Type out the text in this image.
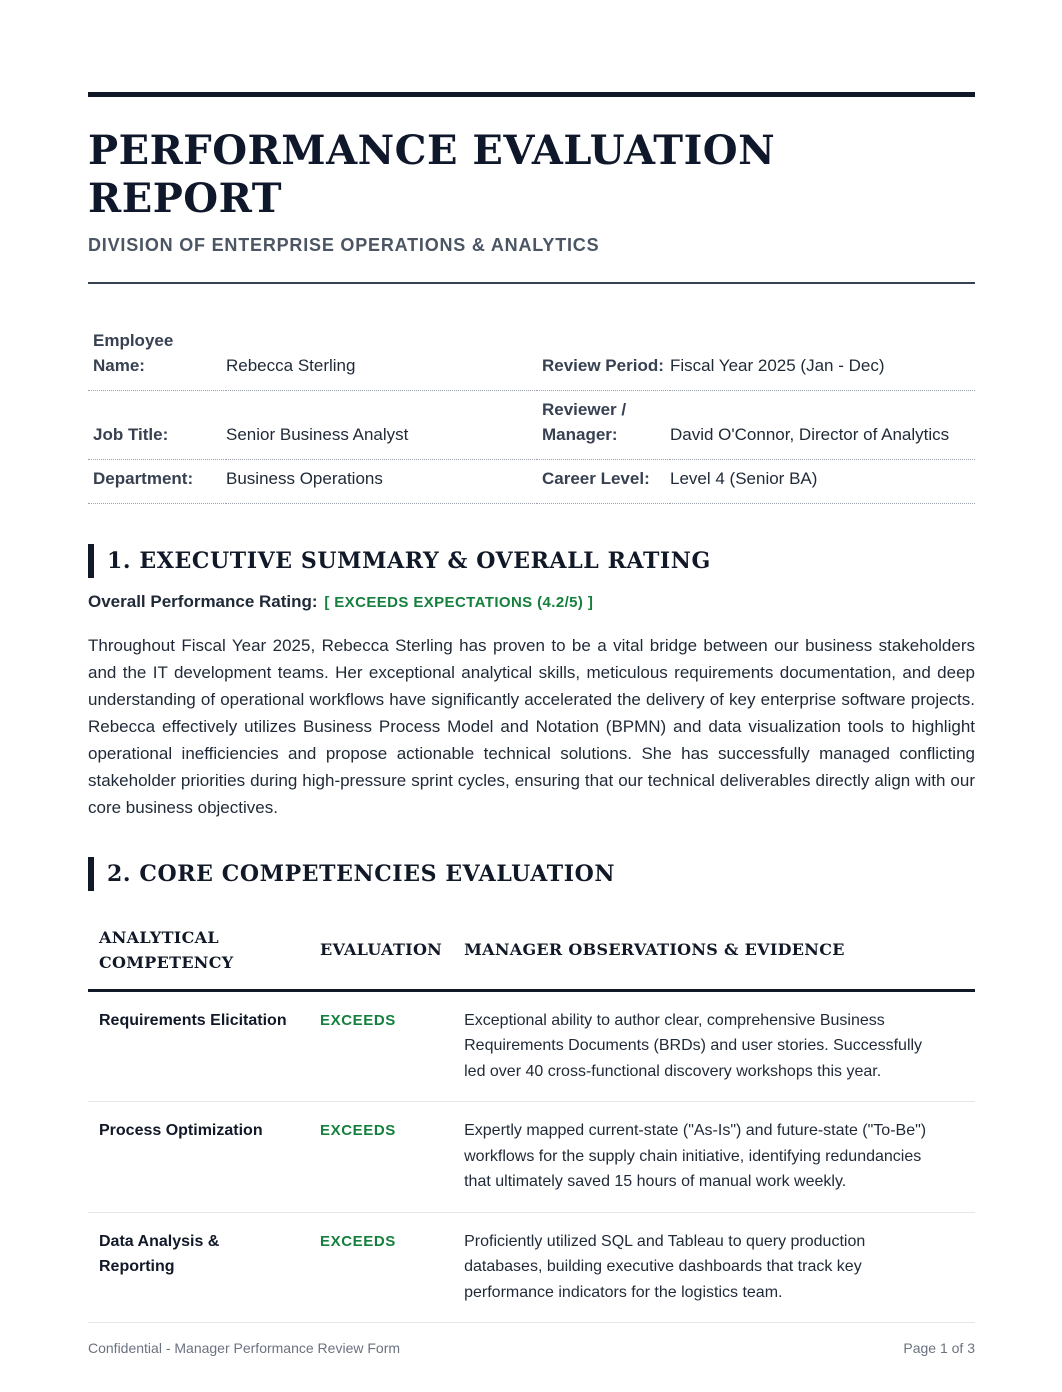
PERFORMANCE EVALUATION REPORT
DIVISION OF ENTERPRISE OPERATIONS & ANALYTICS
Employee Name:	Rebecca Sterling	Review Period:	Fiscal Year 2025 (Jan - Dec)
Job Title:	Senior Business Analyst	Reviewer / Manager:	David O'Connor, Director of Analytics
Department:	Business Operations	Career Level:	Level 4 (Senior BA)
1. EXECUTIVE SUMMARY & OVERALL RATING
Overall Performance Rating: [ EXCEEDS EXPECTATIONS (4.2/5) ]

Throughout Fiscal Year 2025, Rebecca Sterling has proven to be a vital bridge between our business stakeholders and the IT development teams. Her exceptional analytical skills, meticulous requirements documentation, and deep understanding of operational workflows have significantly accelerated the delivery of key enterprise software projects. Rebecca effectively utilizes Business Process Model and Notation (BPMN) and data visualization tools to highlight operational inefficiencies and propose actionable technical solutions. She has successfully managed conflicting stakeholder priorities during high-pressure sprint cycles, ensuring that our technical deliverables directly align with our core business objectives.

2. CORE COMPETENCIES EVALUATION
ANALYTICAL COMPETENCY	EVALUATION	MANAGER OBSERVATIONS & EVIDENCE
Requirements Elicitation	EXCEEDS	Exceptional ability to author clear, comprehensive Business Requirements Documents (BRDs) and user stories. Successfully led over 40 cross-functional discovery workshops this year.
Process Optimization	EXCEEDS	Expertly mapped current-state ("As-Is") and future-state ("To-Be") workflows for the supply chain initiative, identifying redundancies that ultimately saved 15 hours of manual work weekly.
Data Analysis & Reporting	EXCEEDS	Proficiently utilized SQL and Tableau to query production databases, building executive dashboards that track key performance indicators for the logistics team.
Confidential - Manager Performance Review Form	Page 1 of 3
